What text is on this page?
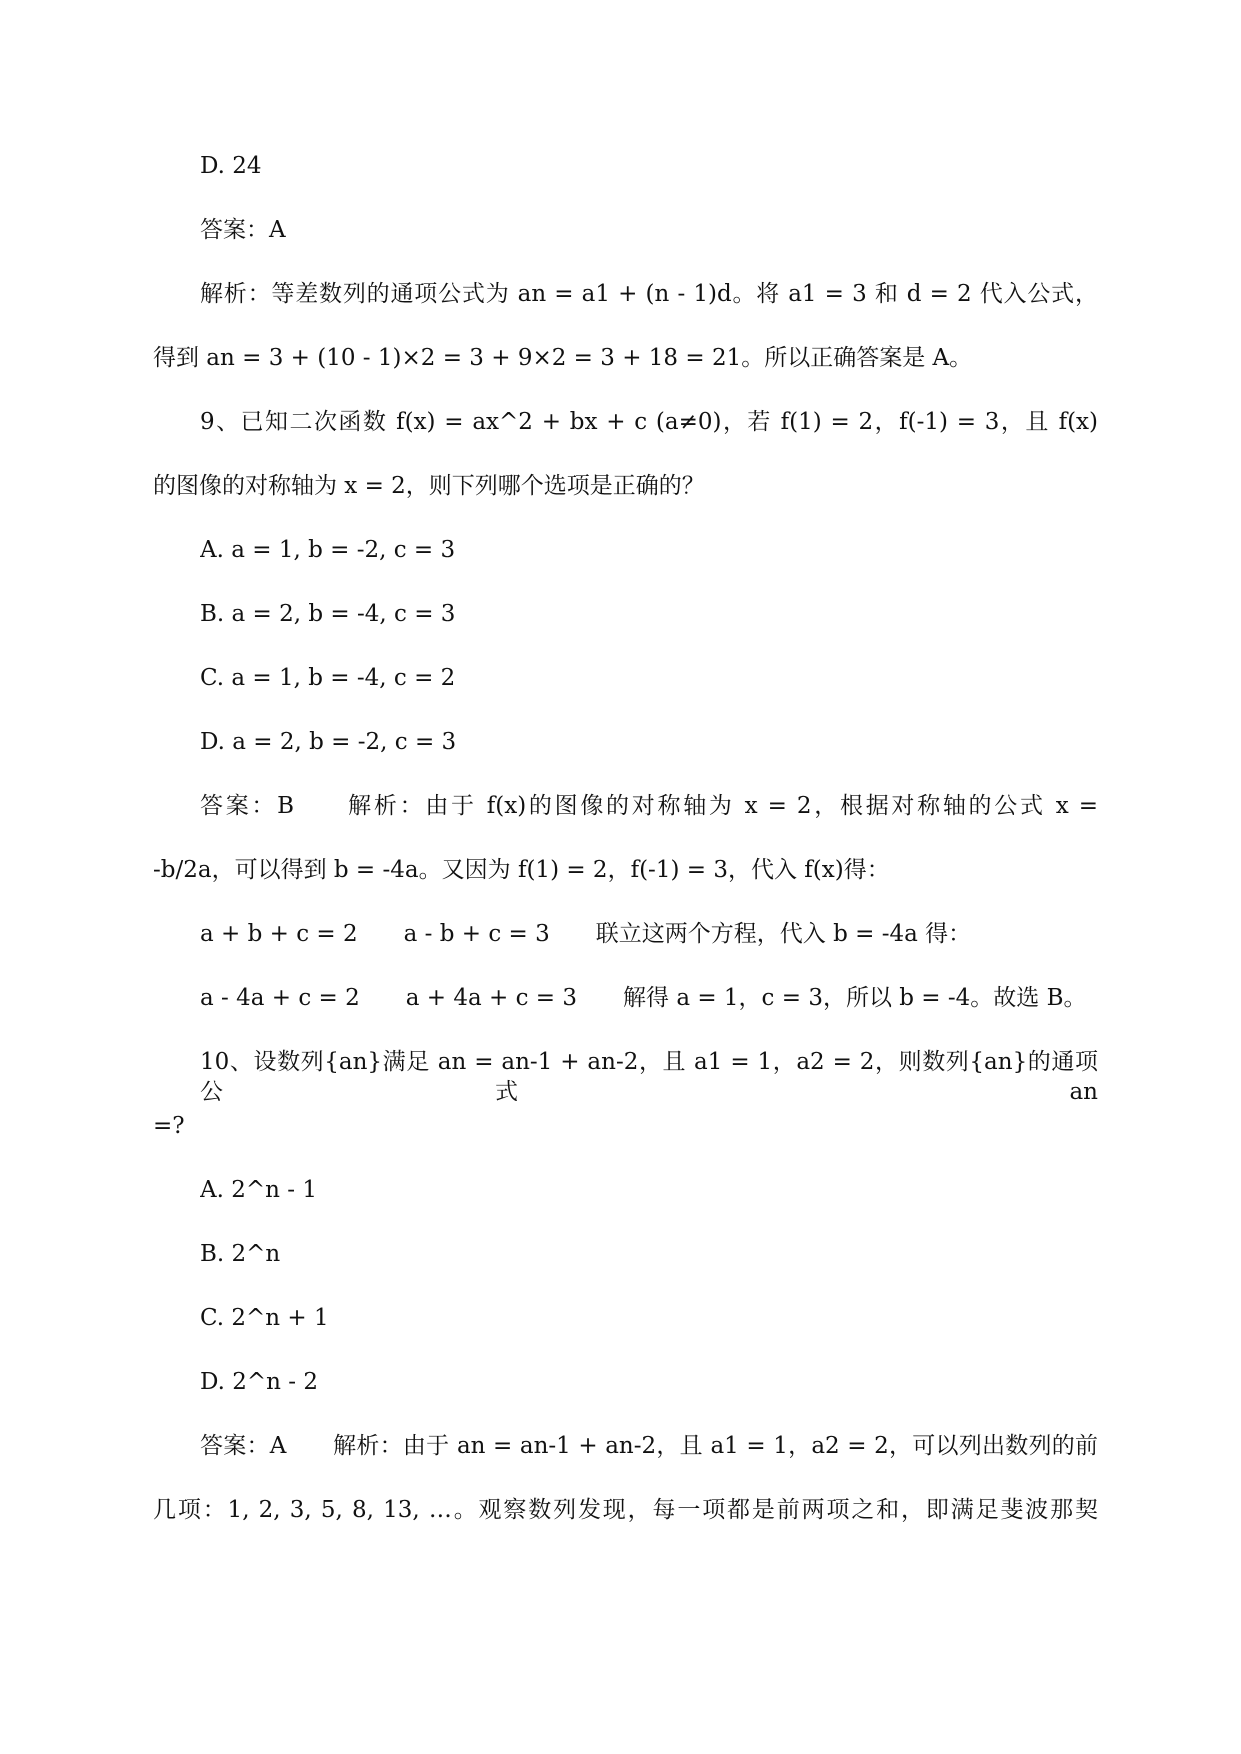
D. 24
答案：A
解析：等差数列的通项公式为 an = a1 + (n - 1)d。将 a1 = 3 和 d = 2 代入公式，
得到 an = 3 + (10 - 1)×2 = 3 + 9×2 = 3 + 18 = 21。所以正确答案是 A。
9、已知二次函数 f(x) = ax^2 + bx + c (a≠0)，若 f(1) = 2，f(-1) = 3，且 f(x)
的图像的对称轴为 x = 2，则下列哪个选项是正确的？
A. a = 1, b = -2, c = 3
B. a = 2, b = -4, c = 3
C. a = 1, b = -4, c = 2
D. a = 2, b = -2, c = 3
答案：B　　解析：由于 f(x)的图像的对称轴为 x = 2，根据对称轴的公式 x =
-b/2a，可以得到 b = -4a。又因为 f(1) = 2，f(-1) = 3，代入 f(x)得：
a + b + c = 2　　a - b + c = 3　　联立这两个方程，代入 b = -4a 得：
a - 4a + c = 2　　a + 4a + c = 3　　解得 a = 1，c = 3，所以 b = -4。故选 B。
10、设数列{an}满足 an = an-1 + an-2，且 a1 = 1，a2 = 2，则数列{an}的通项公式 an
=?
A. 2^n - 1
B. 2^n
C. 2^n + 1
D. 2^n - 2
答案：A　　解析：由于 an = an-1 + an-2，且 a1 = 1，a2 = 2，可以列出数列的前
几项：1, 2, 3, 5, 8, 13, …。观察数列发现，每一项都是前两项之和，即满足斐波那契
